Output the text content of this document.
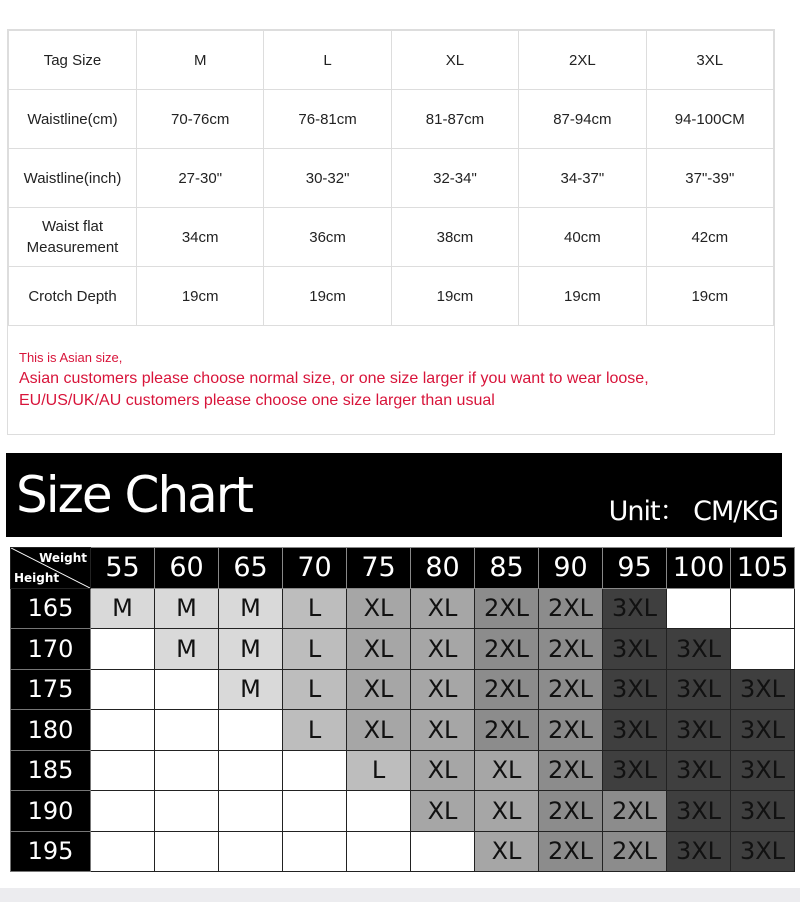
Tag Size	M	L	XL	2XL	3XL
Waistline(cm)	70-76cm	76-81cm	81-87cm	87-94cm	94-100CM
Waistline(inch)	27-30"	30-32"	32-34"	34-37"	37"-39"
Waist flat Measurement	34cm	36cm	38cm	40cm	42cm
Crotch Depth	19cm	19cm	19cm	19cm	19cm
This is Asian size,
Asian customers please choose normal size, or one size larger if you want to wear loose,
EU/US/UK/AU customers please choose one size larger than usual
Size Chart	Unit： CM/KG
Weight
Height	55	60	65	70	75	80	85	90	95	100	105
165	M	M	M	L	XL	XL	2XL	2XL	3XL		
170		M	M	L	XL	XL	2XL	2XL	3XL	3XL	
175			M	L	XL	XL	2XL	2XL	3XL	3XL	3XL
180				L	XL	XL	2XL	2XL	3XL	3XL	3XL
185					L	XL	XL	2XL	3XL	3XL	3XL
190						XL	XL	2XL	2XL	3XL	3XL
195							XL	2XL	2XL	3XL	3XL
